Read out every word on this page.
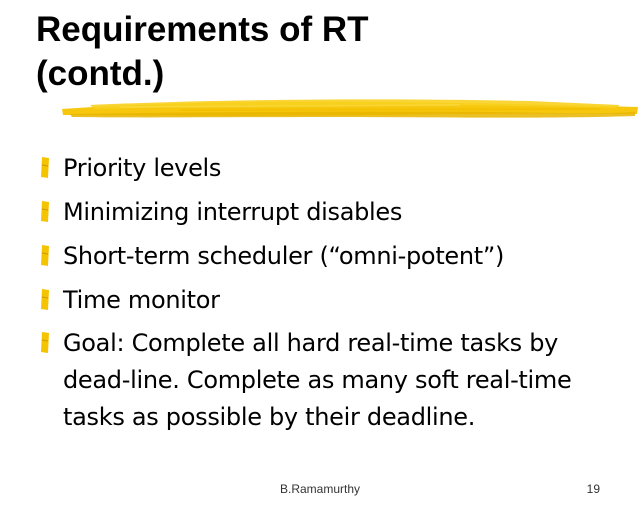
Requirements of RT
(contd.)
Priority levels
Minimizing interrupt disables
Short-term scheduler (“omni-potent”)
Time monitor
Goal: Complete all hard real-time tasks by dead-line. Complete as many soft real-time tasks as possible by their deadline.
B.Ramamurthy	19
